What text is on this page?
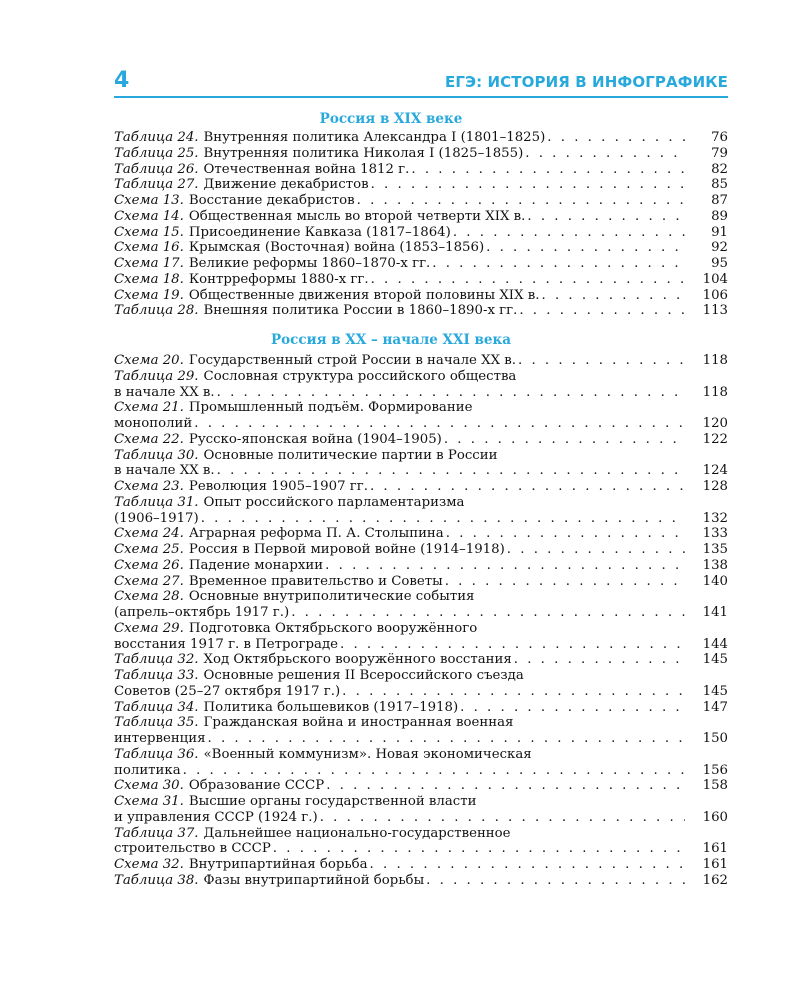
4	ЕГЭ: ИСТОРИЯ В ИНФОГРАФИКЕ
Россия в XIX веке
Таблица 24. Внутренняя политика Александра I (1801–1825) . . .	76
Таблица 25. Внутренняя политика Николая I (1825–1855) . . .	79
Таблица 26. Отечественная война 1812 г. . . .	82
Таблица 27. Движение декабристов . . .	85
Схема 13. Восстание декабристов . . .	87
Схема 14. Общественная мысль во второй четверти XIX в. . . .	89
Схема 15. Присоединение Кавказа (1817–1864) . . .	91
Схема 16. Крымская (Восточная) война (1853–1856) . . .	92
Схема 17. Великие реформы 1860–1870-х гг. . . .	95
Схема 18. Контрреформы 1880-х гг. . . .	104
Схема 19. Общественные движения второй половины XIX в. . . .	106
Таблица 28. Внешняя политика России в 1860–1890-х гг. . . .	113
Россия в XX – начале XXI века
Схема 20. Государственный строй России в начале XX в. . . .	118
Таблица 29. Сословная структура российского общества
в начале XX в. . . .	118
Схема 21. Промышленный подъём. Формирование
монополий . . .	120
Схема 22. Русско-японская война (1904–1905) . . .	122
Таблица 30. Основные политические партии в России
в начале XX в. . . .	124
Схема 23. Революция 1905–1907 гг. . . .	128
Таблица 31. Опыт российского парламентаризма
(1906–1917) . . .	132
Схема 24. Аграрная реформа П. А. Столыпина . . .	133
Схема 25. Россия в Первой мировой войне (1914–1918) . . .	135
Схема 26. Падение монархии . . .	138
Схема 27. Временное правительство и Советы . . .	140
Схема 28. Основные внутриполитические события
(апрель–октябрь 1917 г.) . . .	141
Схема 29. Подготовка Октябрьского вооружённого
восстания 1917 г. в Петрограде . . .	144
Таблица 32. Ход Октябрьского вооружённого восстания . . .	145
Таблица 33. Основные решения II Всероссийского съезда
Советов (25–27 октября 1917 г.) . . .	145
Таблица 34. Политика большевиков (1917–1918) . . .	147
Таблица 35. Гражданская война и иностранная военная
интервенция . . .	150
Таблица 36. «Военный коммунизм». Новая экономическая
политика . . .	156
Схема 30. Образование СССР . . .	158
Схема 31. Высшие органы государственной власти
и управления СССР (1924 г.) . . .	160
Таблица 37. Дальнейшее национально-государственное
строительство в СССР . . .	161
Схема 32. Внутрипартийная борьба . . .	161
Таблица 38. Фазы внутрипартийной борьбы . . .	162
